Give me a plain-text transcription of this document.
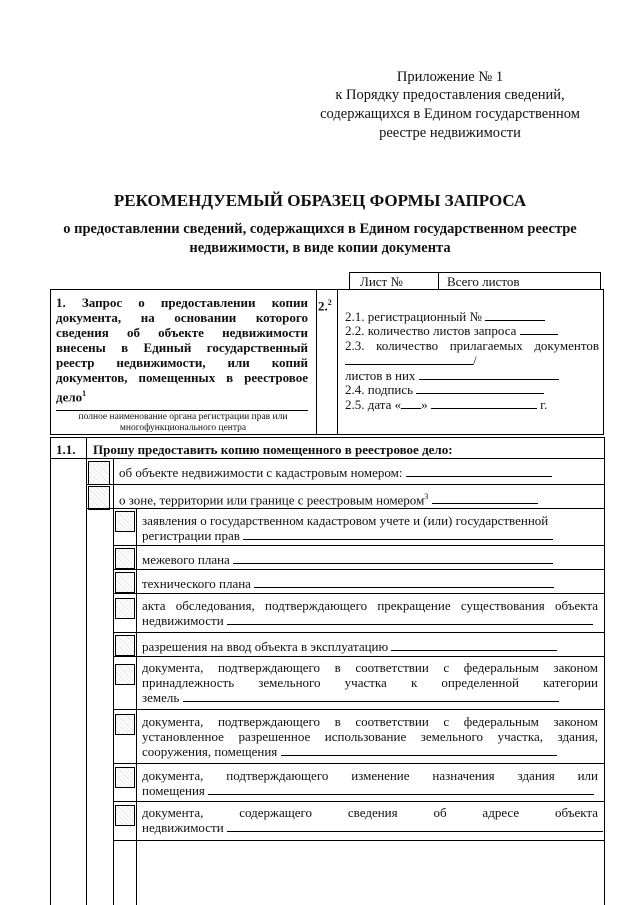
Приложение № 1
к Порядку предоставления сведений,
содержащихся в Едином государственном
реестре недвижимости
РЕКОМЕНДУЕМЫЙ ОБРАЗЕЦ ФОРМЫ ЗАПРОСА
о предоставлении сведений, содержащихся в Едином государственном реестре
недвижимости, в виде копии документа
Лист №	Всего листов
1. Запрос о предоставлении копии
документа, на основании которого
сведения об объекте недвижимости
внесены в Единый государственный
реестр недвижимости, или копий
документов, помещенных в реестровое
дело$^1$
полное наименование органа регистрации прав или
многофункционального центра
2.$^2$
2.1. регистрационный №
2.2. количество листов запроса
2.3. количество прилагаемых документов
/
листов в них
2.4. подпись
2.5. дата « »	г.
1.1. Прошу предоставить копию помещенного в реестровое дело:
об объекте недвижимости с кадастровым номером:
о зоне, территории или границе с реестровым номером$^3$
заявления о государственном кадастровом учете и (или) государственной
регистрации прав
межевого плана
технического плана
акта обследования, подтверждающего прекращение существования объекта
недвижимости
разрешения на ввод объекта в эксплуатацию
документа, подтверждающего в соответствии с федеральным законом
принадлежность земельного участка к определенной категории
земель
документа, подтверждающего в соответствии с федеральным законом
установленное разрешенное использование земельного участка, здания,
сооружения, помещения
документа, подтверждающего изменение назначения здания или
помещения
документа, содержащего сведения об адресе объекта
недвижимости
